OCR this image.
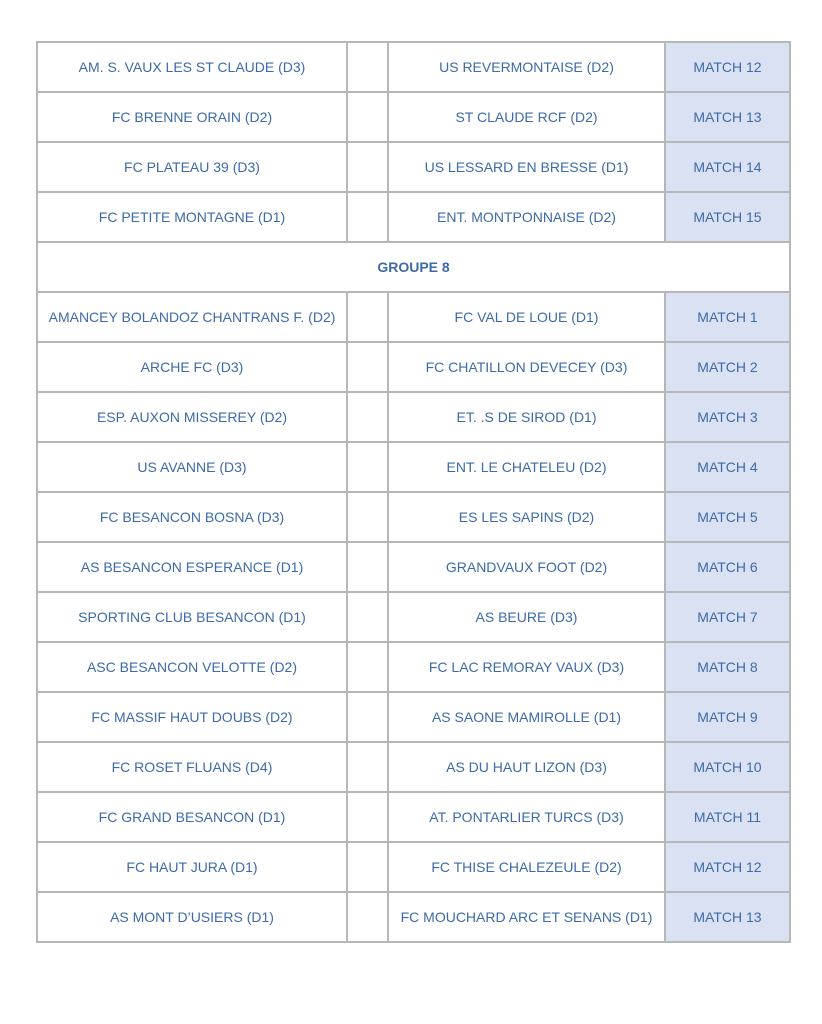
AM. S. VAUX LES ST CLAUDE (D3)		US REVERMONTAISE (D2)	MATCH 12
FC BRENNE ORAIN (D2)		ST CLAUDE RCF (D2)	MATCH 13
FC PLATEAU 39 (D3)		US LESSARD EN BRESSE (D1)	MATCH 14
FC PETITE MONTAGNE (D1)		ENT. MONTPONNAISE (D2)	MATCH 15
GROUPE 8			
AMANCEY BOLANDOZ CHANTRANS F. (D2)		FC VAL DE LOUE (D1)	MATCH 1
ARCHE FC (D3)		FC CHATILLON DEVECEY (D3)	MATCH 2
ESP. AUXON MISSEREY (D2)		ET. .S DE SIROD (D1)	MATCH 3
US AVANNE (D3)		ENT. LE CHATELEU (D2)	MATCH 4
FC BESANCON BOSNA (D3)		ES LES SAPINS (D2)	MATCH 5
AS BESANCON ESPERANCE (D1)		GRANDVAUX FOOT (D2)	MATCH 6
SPORTING CLUB BESANCON (D1)		AS BEURE (D3)	MATCH 7
ASC BESANCON VELOTTE (D2)		FC LAC REMORAY VAUX (D3)	MATCH 8
FC MASSIF HAUT DOUBS (D2)		AS SAONE MAMIROLLE (D1)	MATCH 9
FC ROSET FLUANS (D4)		AS DU HAUT LIZON (D3)	MATCH 10
FC GRAND BESANCON (D1)		AT. PONTARLIER TURCS (D3)	MATCH 11
FC HAUT JURA (D1)		FC THISE CHALEZEULE (D2)	MATCH 12
AS MONT D’USIERS (D1)		FC MOUCHARD ARC ET SENANS (D1)	MATCH 13
